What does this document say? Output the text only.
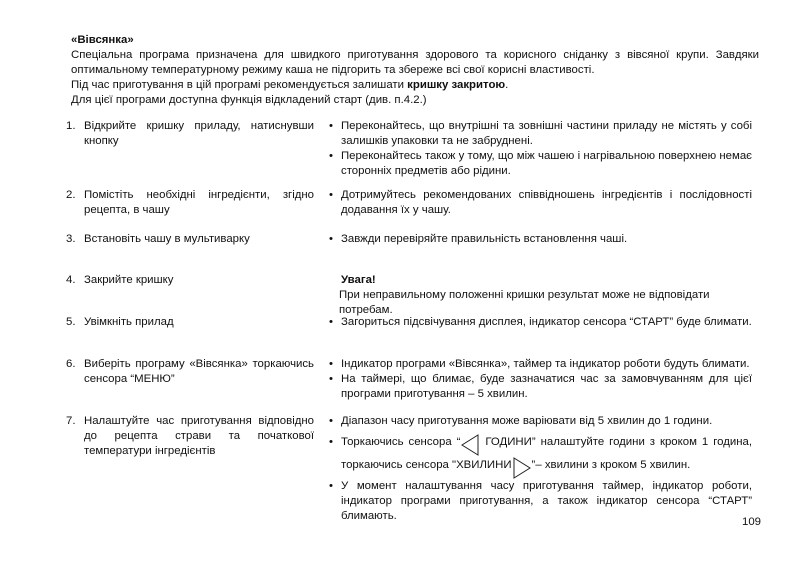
«Вівсянка»

Спеціальна програма призначена для швидкого приготування здорового та корисного сніданку з вівсяної крупи. Завдяки оптимальному температурному режиму каша не підгорить та збереже всі свої корисні властивості.

Під час приготування в цій програмі рекомендується залишати кришку закритою.

Для цієї програми доступна функція відкладений старт (див. п.4.2.)

1. Відкрийте кришку приладу, натиснувши кнопку

• Переконайтесь, що внутрішні та зовнішні частини приладу не містять у собі залишків упаковки та не забруднені.

• Переконайтесь також у тому, що між чашею і нагрівальною поверхнею немає сторонніх предметів або рідини.

2. Помістіть необхідні інгредієнти, згідно рецепта, в чашу

• Дотримуйтесь рекомендованих співвідношень інгредієнтів і послідовності додавання їх у чашу.

3. Встановіть чашу в мультиварку	• Завжди перевіряйте правильність встановлення чаші.

4. Закрийте кришку	Увага!
При неправильному положенні кришки результат може не відповідати потребам.
5. Увімкніть прилад	• Загориться підсвічування дисплея, індикатор сенсора “СТАРТ” буде блимати.

6. Виберіть програму «Вівсянка» торкаючись сенсора “МЕНЮ”

• Індикатор програми «Вівсянка», таймер та індикатор роботи будуть блимати.

• На таймері, що блимає, буде зазначатися час за замовчуванням для цієї програми приготування – 5 хвилин.

7. Налаштуйте час приготування відповідно до рецепта страви та початкової температури інгредієнтів

• Діапазон часу приготування може варіювати від 5 хвилин до 1 години.

• Торкаючись сенсора “
ГОДИНИ” налаштуйте години з кроком 1 година, торкаючись сенсора "ХВИЛИНИ ”– хвилини з кроком 5 хвилин.

• У момент налаштування часу приготування таймер, індикатор роботи, індикатор програми приготування, а також індикатор сенсора “СТАРТ” блимають.	109
